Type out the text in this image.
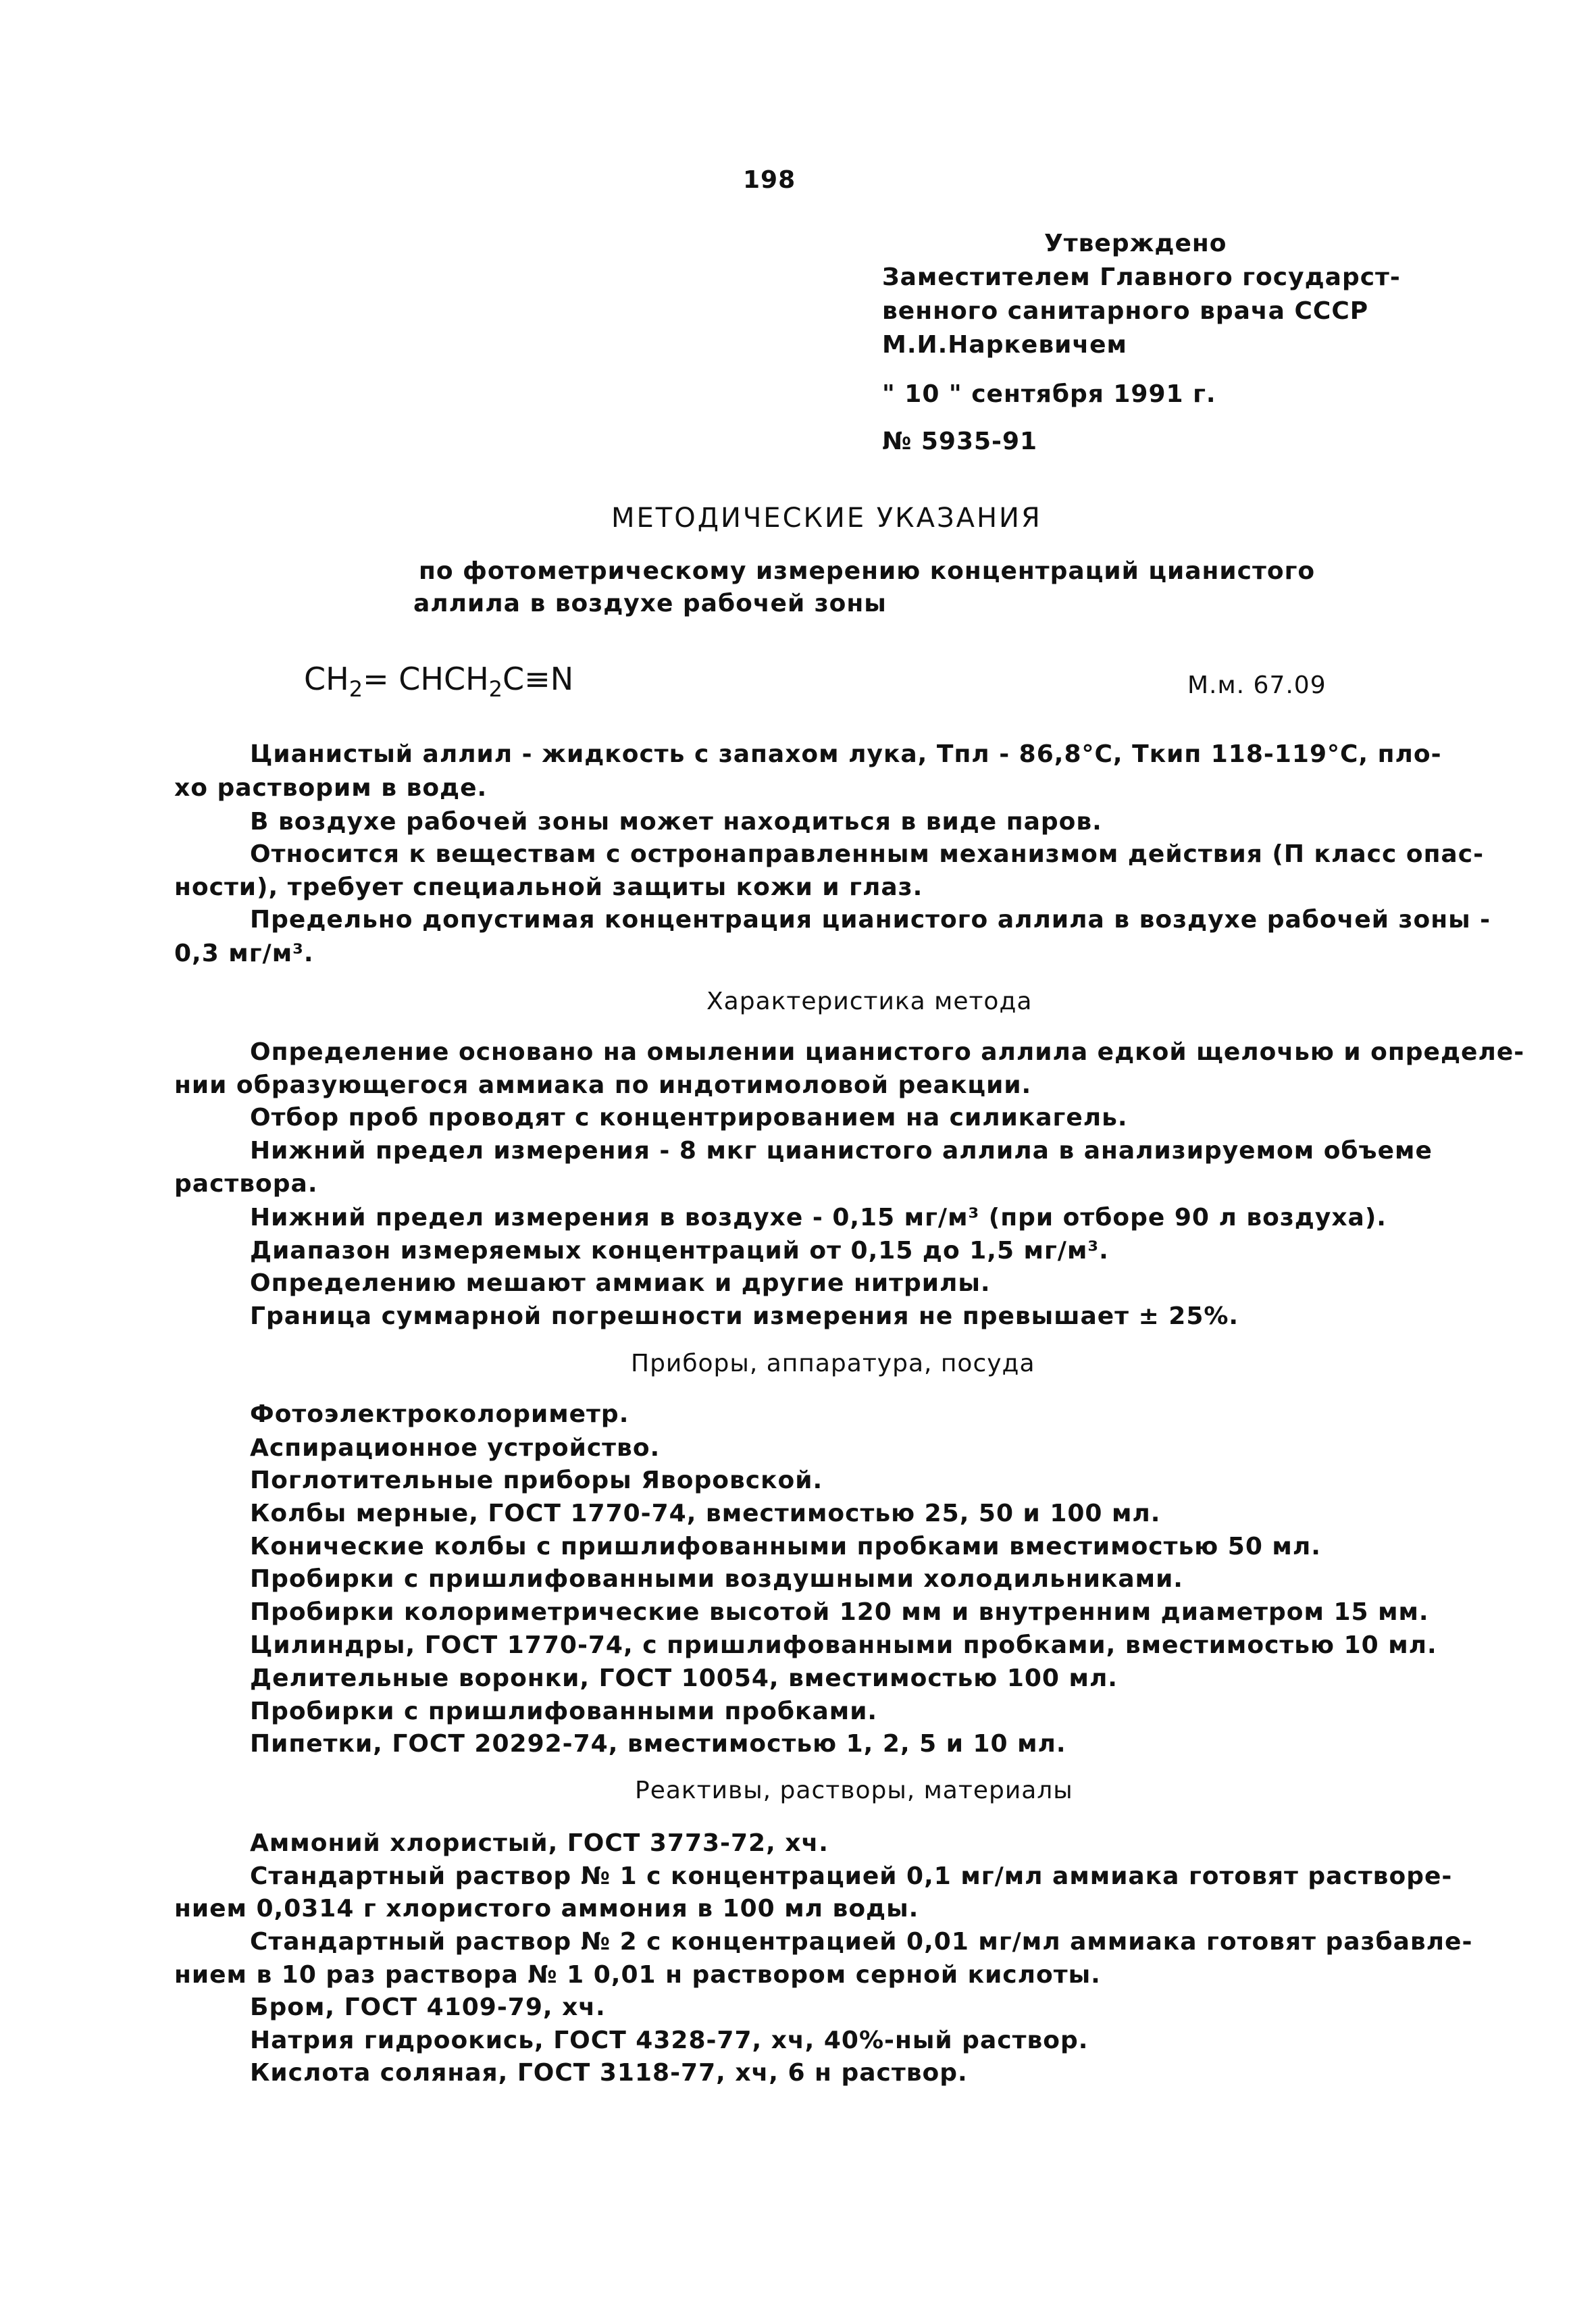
198
Утверждено
Заместителем Главного государст-
венного санитарного врача СССР
М.И.Наркевичем
" 10 " сентября 1991 г.
№ 5935-91
МЕТОДИЧЕСКИЕ УКАЗАНИЯ
по фотометрическому измерению концентраций цианистого
аллила в воздухе рабочей зоны
$CH_2=$ $CHCH_2C\equiv N$	М.м. 67.09
Цианистый аллил - жидкость с запахом лука, Тпл - 86,8°С, Ткип 118-119°С, пло-
хо растворим в воде.
В воздухе рабочей зоны может находиться в виде паров.
Относится к веществам с остронаправленным механизмом действия (П класс опас-
ности), требует специальной защиты кожи и глаз.
Предельно допустимая концентрация цианистого аллила в воздухе рабочей зоны -
0,3 мг/м³.
Характеристика метода
Определение основано на омылении цианистого аллила едкой щелочью и определе-
нии образующегося аммиака по индотимоловой реакции.
Отбор проб проводят с концентрированием на силикагель.
Нижний предел измерения - 8 мкг цианистого аллила в анализируемом объеме
раствора.
Нижний предел измерения в воздухе - 0,15 мг/м³ (при отборе 90 л воздуха).
Диапазон измеряемых концентраций от 0,15 до 1,5 мг/м³.
Определению мешают аммиак и другие нитрилы.
Граница суммарной погрешности измерения не превышает ± 25%.
Приборы, аппаратура, посуда
Фотоэлектроколориметр.
Аспирационное устройство.
Поглотительные приборы Яворовской.
Колбы мерные, ГОСТ 1770-74, вместимостью 25, 50 и 100 мл.
Конические колбы с пришлифованными пробками вместимостью 50 мл.
Пробирки с пришлифованными воздушными холодильниками.
Пробирки колориметрические высотой 120 мм и внутренним диаметром 15 мм.
Цилиндры, ГОСТ 1770-74, с пришлифованными пробками, вместимостью 10 мл.
Делительные воронки, ГОСТ 10054, вместимостью 100 мл.
Пробирки с пришлифованными пробками.
Пипетки, ГОСТ 20292-74, вместимостью 1, 2, 5 и 10 мл.
Реактивы, растворы, материалы
Аммоний хлористый, ГОСТ 3773-72, хч.
Стандартный раствор № 1 с концентрацией 0,1 мг/мл аммиака готовят растворе-
нием 0,0314 г хлористого аммония в 100 мл воды.
Стандартный раствор № 2 с концентрацией 0,01 мг/мл аммиака готовят разбавле-
нием в 10 раз раствора № 1 0,01 н раствором серной кислоты.
Бром, ГОСТ 4109-79, хч.
Натрия гидроокись, ГОСТ 4328-77, хч, 40%-ный раствор.
Кислота соляная, ГОСТ 3118-77, хч, 6 н раствор.
